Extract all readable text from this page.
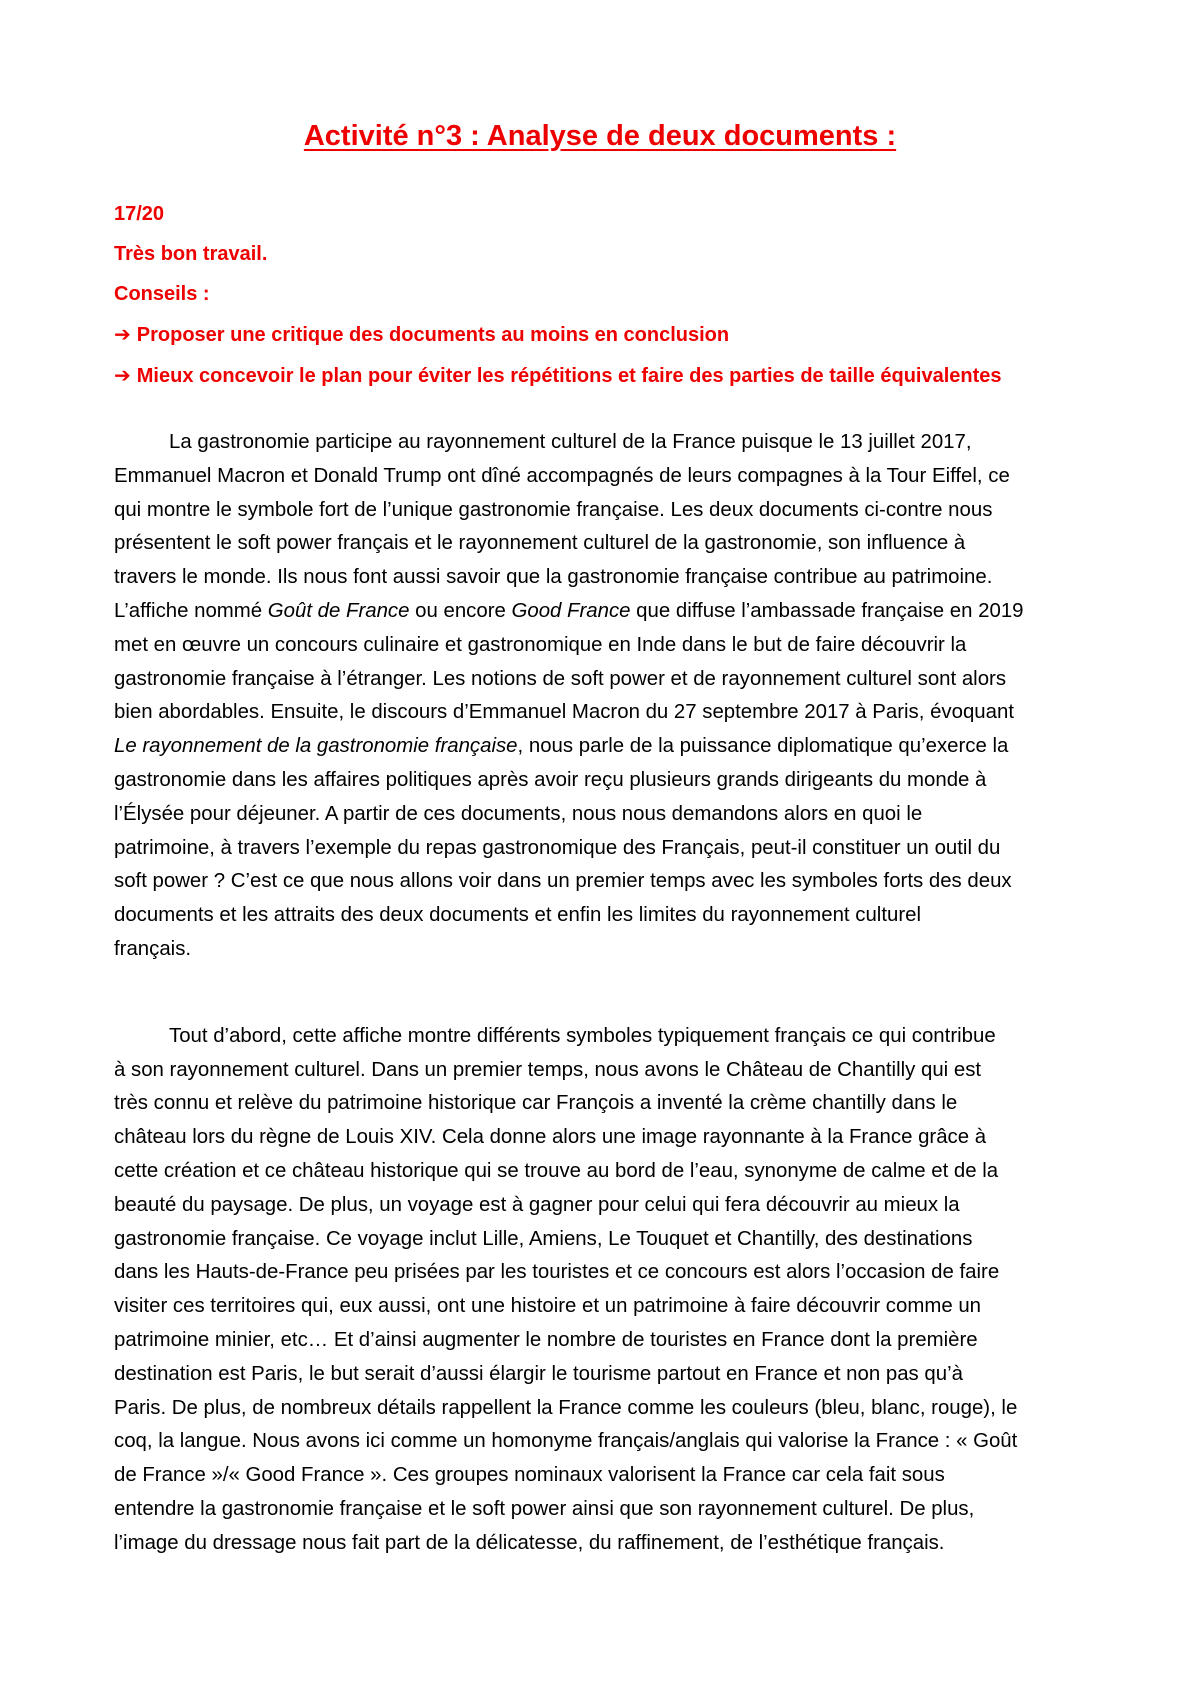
Activité n°3 : Analyse de deux documents :
17/20
Très bon travail.
Conseils :
➔ Proposer une critique des documents au moins en conclusion
➔ Mieux concevoir le plan pour éviter les répétitions et faire des parties de taille équivalentes
La gastronomie participe au rayonnement culturel de la France puisque le 13 juillet 2017,
Emmanuel Macron et Donald Trump ont dîné accompagnés de leurs compagnes à la Tour Eiffel, ce
qui montre le symbole fort de l’unique gastronomie française. Les deux documents ci-contre nous
présentent le soft power français et le rayonnement culturel de la gastronomie, son influence à
travers le monde. Ils nous font aussi savoir que la gastronomie française contribue au patrimoine.
L’affiche nommé Goût de France ou encore Good France que diffuse l’ambassade française en 2019
met en œuvre un concours culinaire et gastronomique en Inde dans le but de faire découvrir la
gastronomie française à l’étranger. Les notions de soft power et de rayonnement culturel sont alors
bien abordables. Ensuite, le discours d’Emmanuel Macron du 27 septembre 2017 à Paris, évoquant
Le rayonnement de la gastronomie française, nous parle de la puissance diplomatique qu’exerce la
gastronomie dans les affaires politiques après avoir reçu plusieurs grands dirigeants du monde à
l’Élysée pour déjeuner. A partir de ces documents, nous nous demandons alors en quoi le
patrimoine, à travers l’exemple du repas gastronomique des Français, peut-il constituer un outil du
soft power ? C’est ce que nous allons voir dans un premier temps avec les symboles forts des deux
documents et les attraits des deux documents et enfin les limites du rayonnement culturel
français.
Tout d’abord, cette affiche montre différents symboles typiquement français ce qui contribue
à son rayonnement culturel. Dans un premier temps, nous avons le Château de Chantilly qui est
très connu et relève du patrimoine historique car François a inventé la crème chantilly dans le
château lors du règne de Louis XIV. Cela donne alors une image rayonnante à la France grâce à
cette création et ce château historique qui se trouve au bord de l’eau, synonyme de calme et de la
beauté du paysage. De plus, un voyage est à gagner pour celui qui fera découvrir au mieux la
gastronomie française. Ce voyage inclut Lille, Amiens, Le Touquet et Chantilly, des destinations
dans les Hauts-de-France peu prisées par les touristes et ce concours est alors l’occasion de faire
visiter ces territoires qui, eux aussi, ont une histoire et un patrimoine à faire découvrir comme un
patrimoine minier, etc… Et d’ainsi augmenter le nombre de touristes en France dont la première
destination est Paris, le but serait d’aussi élargir le tourisme partout en France et non pas qu’à
Paris. De plus, de nombreux détails rappellent la France comme les couleurs (bleu, blanc, rouge), le
coq, la langue. Nous avons ici comme un homonyme français/anglais qui valorise la France : « Goût
de France »/« Good France ». Ces groupes nominaux valorisent la France car cela fait sous
entendre la gastronomie française et le soft power ainsi que son rayonnement culturel. De plus,
l’image du dressage nous fait part de la délicatesse, du raffinement, de l’esthétique français.
